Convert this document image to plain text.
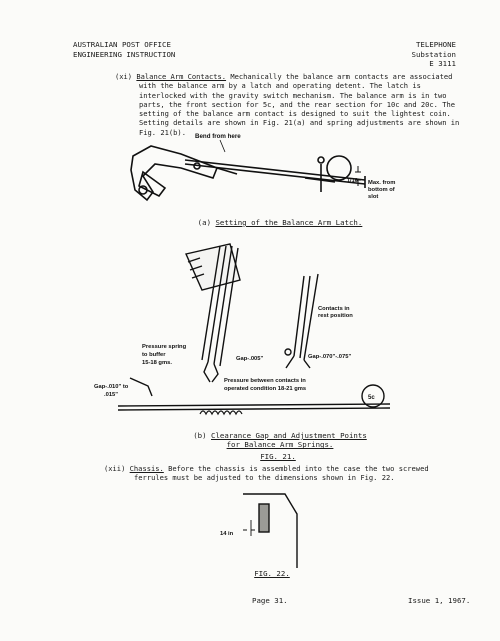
AUSTRALIAN POST OFFICE
ENGINEERING INSTRUCTION
TELEPHONE
Substation
E 3111
(xi) Balance Arm Contacts. Mechanically the balance arm contacts are associated
with the balance arm by a latch and operating detent. The latch is
interlocked with the gravity switch mechanism. The balance arm is in two
parts, the front section for 5c, and the rear section for 10c and 20c. The
setting of the balance arm contact is designed to suit the lightest coin.
Setting details are shown in Fig. 21(a) and spring adjustments are shown in
Fig. 21(b).	Bend from here
1/16 Max. from
bottom of
slot
(a) Setting of the Balance Arm Latch.
Contacts in
rest position
Pressure spring
to buffer
15-18 gms.
Gap-.005"	Gap-.070"-.075"
Gap-.010" to
.015"
Pressure between contacts in
operated condition 18-21 gms
5c
(b) Clearance Gap and Adjustment Points
for Balance Arm Springs.
FIG. 21.
(xii) Chassis. Before the chassis is assembled into the case the two screwed
ferrules must be adjusted to the dimensions shown in Fig. 22.
14 in
FIG. 22.
Page 31.	Issue 1, 1967.
